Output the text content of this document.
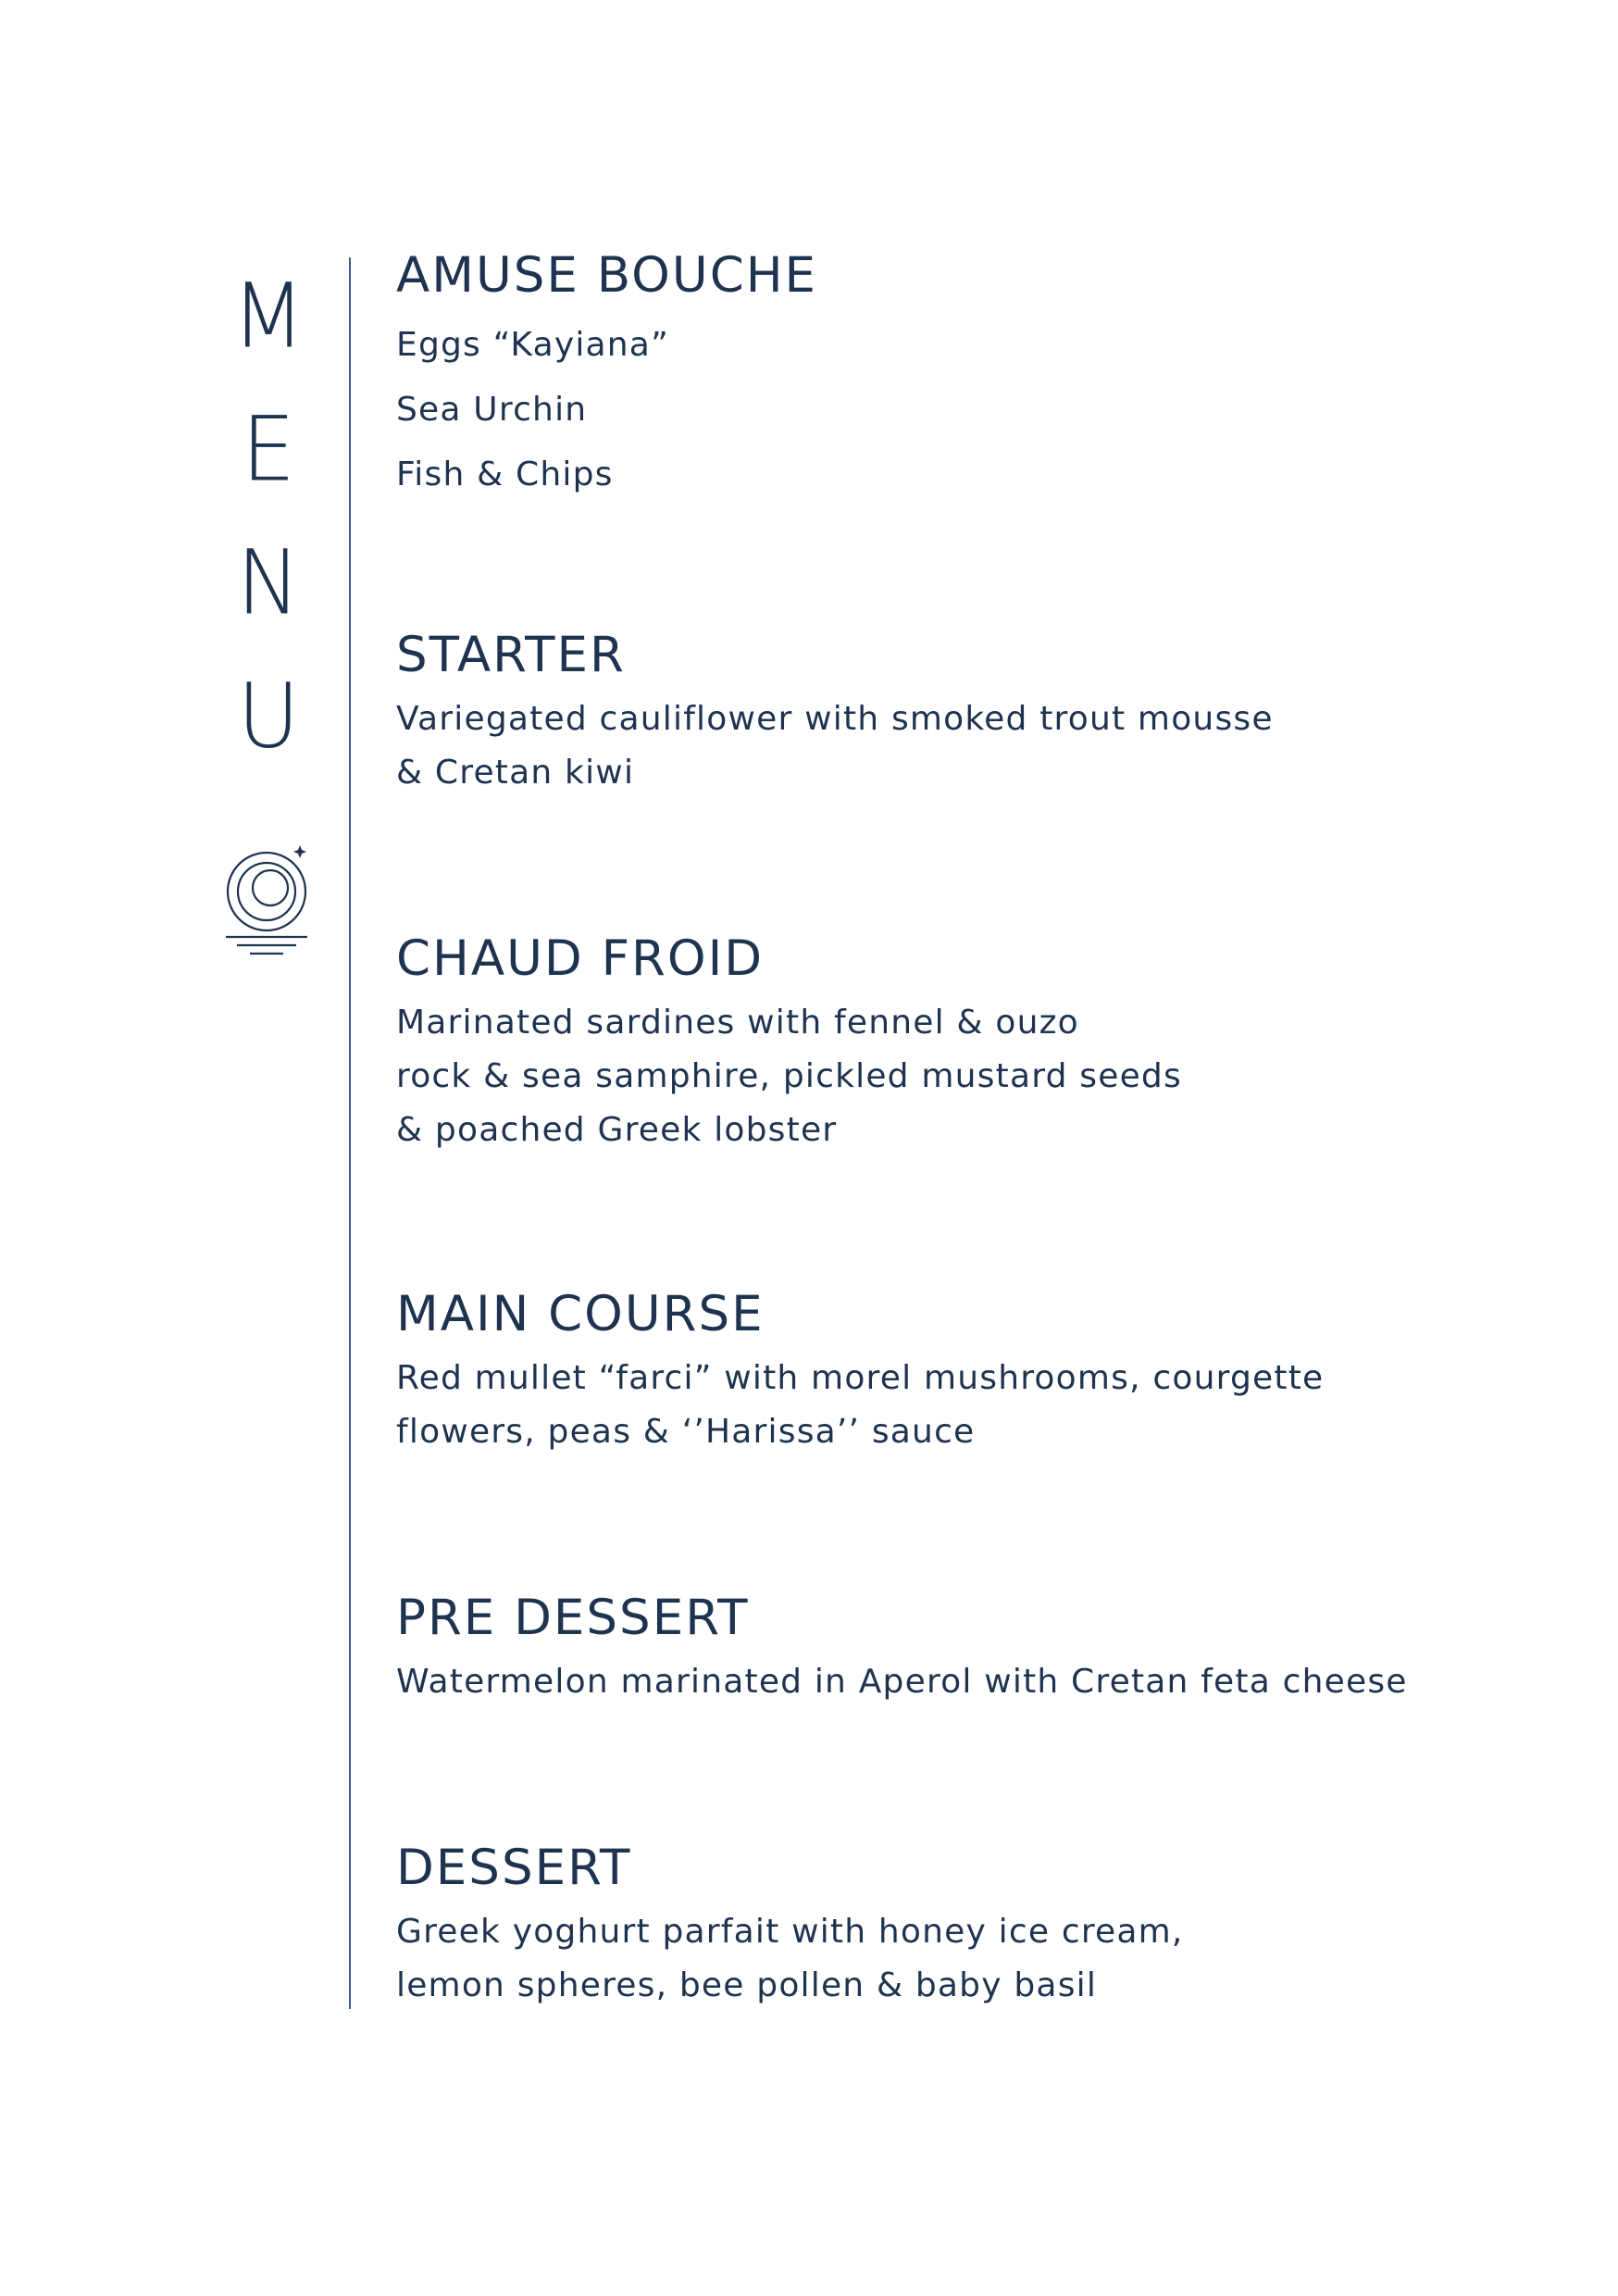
M
E
N
U
AMUSE BOUCHE
Eggs “Kayiana”
Sea Urchin
Fish & Chips
STARTER
Variegated cauliflower with smoked trout mousse
& Cretan kiwi
CHAUD FROID
Marinated sardines with fennel & ouzo
rock & sea samphire, pickled mustard seeds
& poached Greek lobster
MAIN COURSE
Red mullet “farci” with morel mushrooms, courgette
flowers, peas & ‘’Harissa’’ sauce
PRE DESSERT
Watermelon marinated in Aperol with Cretan feta cheese
DESSERT
Greek yoghurt parfait with honey ice cream,
lemon spheres, bee pollen & baby basil
